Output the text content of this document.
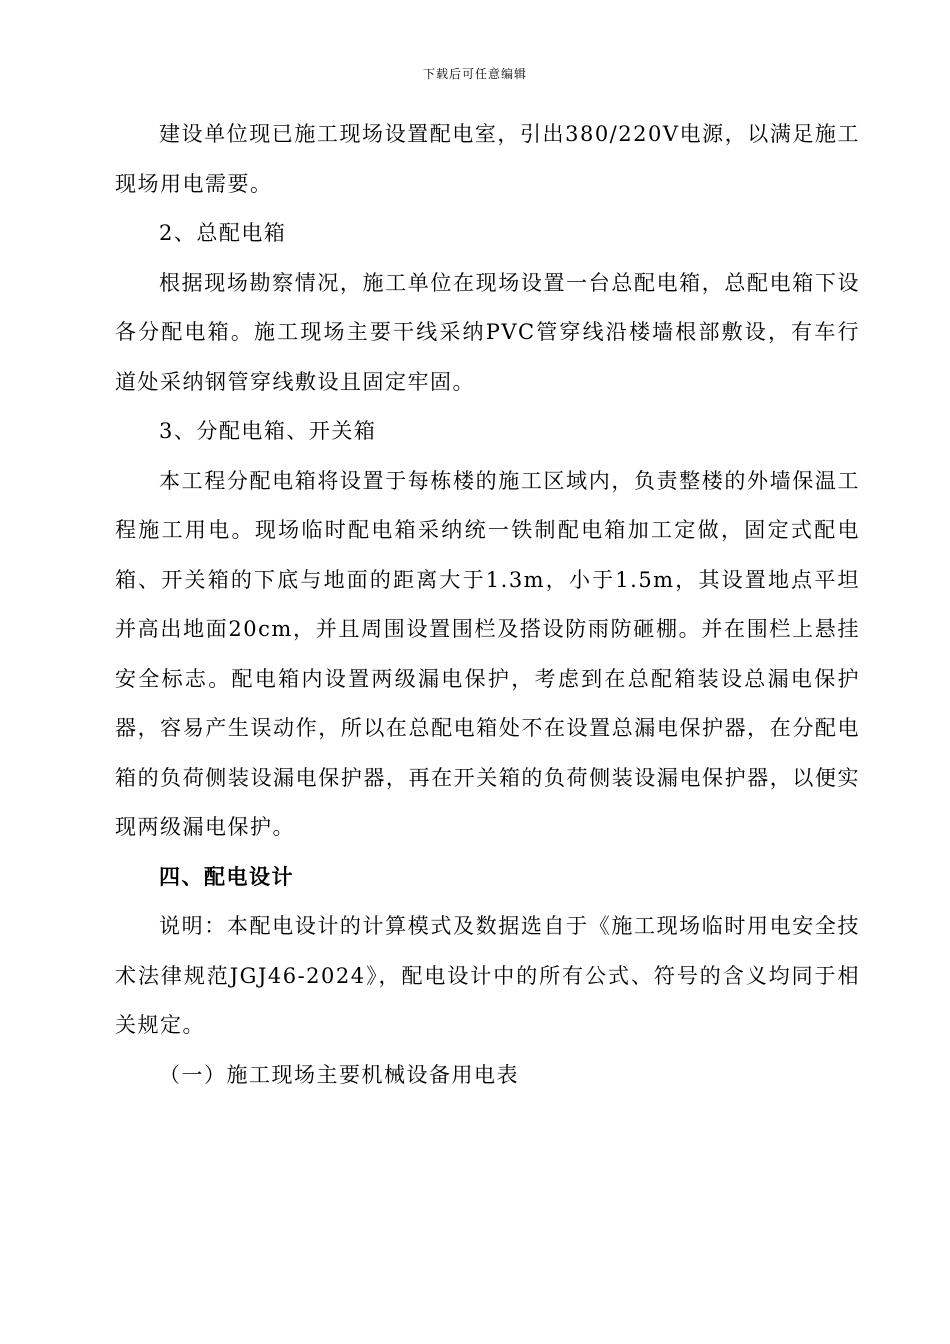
下载后可任意编辑

建设单位现已施工现场设置配电室，引出380/220V电源，以满足施工现场用电需要。

2、总配电箱

根据现场勘察情况，施工单位在现场设置一台总配电箱，总配电箱下设各分配电箱。施工现场主要干线采纳PVC管穿线沿楼墙根部敷设，有车行道处采纳钢管穿线敷设且固定牢固。

3、分配电箱、开关箱

本工程分配电箱将设置于每栋楼的施工区域内，负责整楼的外墙保温工程施工用电。现场临时配电箱采纳统一铁制配电箱加工定做，固定式配电箱、开关箱的下底与地面的距离大于1.3m，小于1.5m，其设置地点平坦并高出地面20cm，并且周围设置围栏及搭设防雨防砸棚。并在围栏上悬挂安全标志。配电箱内设置两级漏电保护，考虑到在总配箱装设总漏电保护器，容易产生误动作，所以在总配电箱处不在设置总漏电保护器，在分配电箱的负荷侧装设漏电保护器，再在开关箱的负荷侧装设漏电保护器，以便实现两级漏电保护。

四、配电设计

说明：本配电设计的计算模式及数据选自于《施工现场临时用电安全技术法律规范JGJ46-2024》，配电设计中的所有公式、符号的含义均同于相关规定。

（一）施工现场主要机械设备用电表
